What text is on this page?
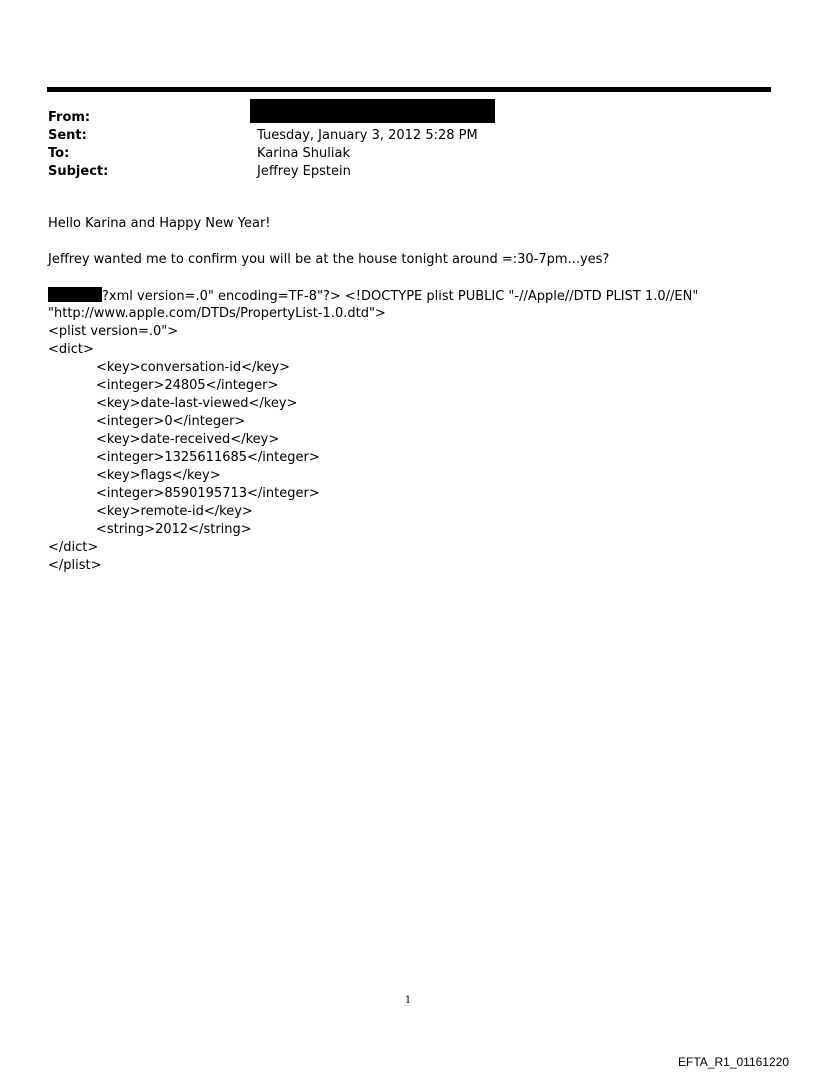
From:
Sent:	Tuesday, January 3, 2012 5:28 PM
To:	Karina Shuliak
Subject:	Jeffrey Epstein

Hello Karina and Happy New Year!

Jeffrey wanted me to confirm you will be at the house tonight around =:30-7pm...yes?

?xml version=.0" encoding=TF-8"?> <!DOCTYPE plist PUBLIC "-//Apple//DTD PLIST 1.0//EN"
"http://www.apple.com/DTDs/PropertyList-1.0.dtd">
<plist version=.0">
<dict>
<key>conversation-id</key>
<integer>24805</integer>
<key>date-last-viewed</key>
<integer>0</integer>
<key>date-received</key>
<integer>1325611685</integer>
<key>flags</key>
<integer>8590195713</integer>
<key>remote-id</key>
<string>2012</string>
</dict>
</plist>
1
EFTA_R1_01161220
